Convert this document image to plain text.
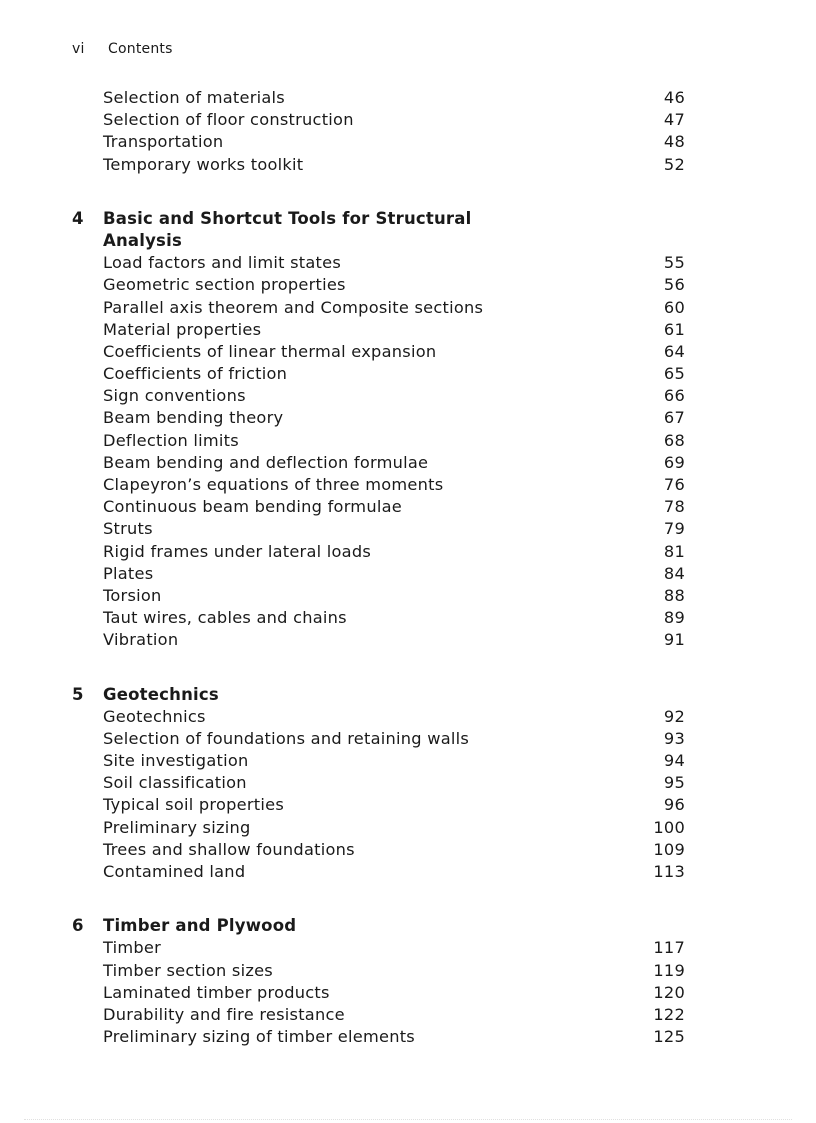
vi Contents
Selection of materials	46
Selection of floor construction	47
Transportation	48
Temporary works toolkit	52
4 Basic and Shortcut Tools for Structural Analysis
Load factors and limit states	55
Geometric section properties	56
Parallel axis theorem and Composite sections	60
Material properties	61
Coefficients of linear thermal expansion	64
Coefficients of friction	65
Sign conventions	66
Beam bending theory	67
Deflection limits	68
Beam bending and deflection formulae	69
Clapeyron’s equations of three moments	76
Continuous beam bending formulae	78
Struts	79
Rigid frames under lateral loads	81
Plates	84
Torsion	88
Taut wires, cables and chains	89
Vibration	91
5 Geotechnics
Geotechnics	92
Selection of foundations and retaining walls	93
Site investigation	94
Soil classification	95
Typical soil properties	96
Preliminary sizing	100
Trees and shallow foundations	109
Contamined land	113
6 Timber and Plywood
Timber	117
Timber section sizes	119
Laminated timber products	120
Durability and fire resistance	122
Preliminary sizing of timber elements	125
